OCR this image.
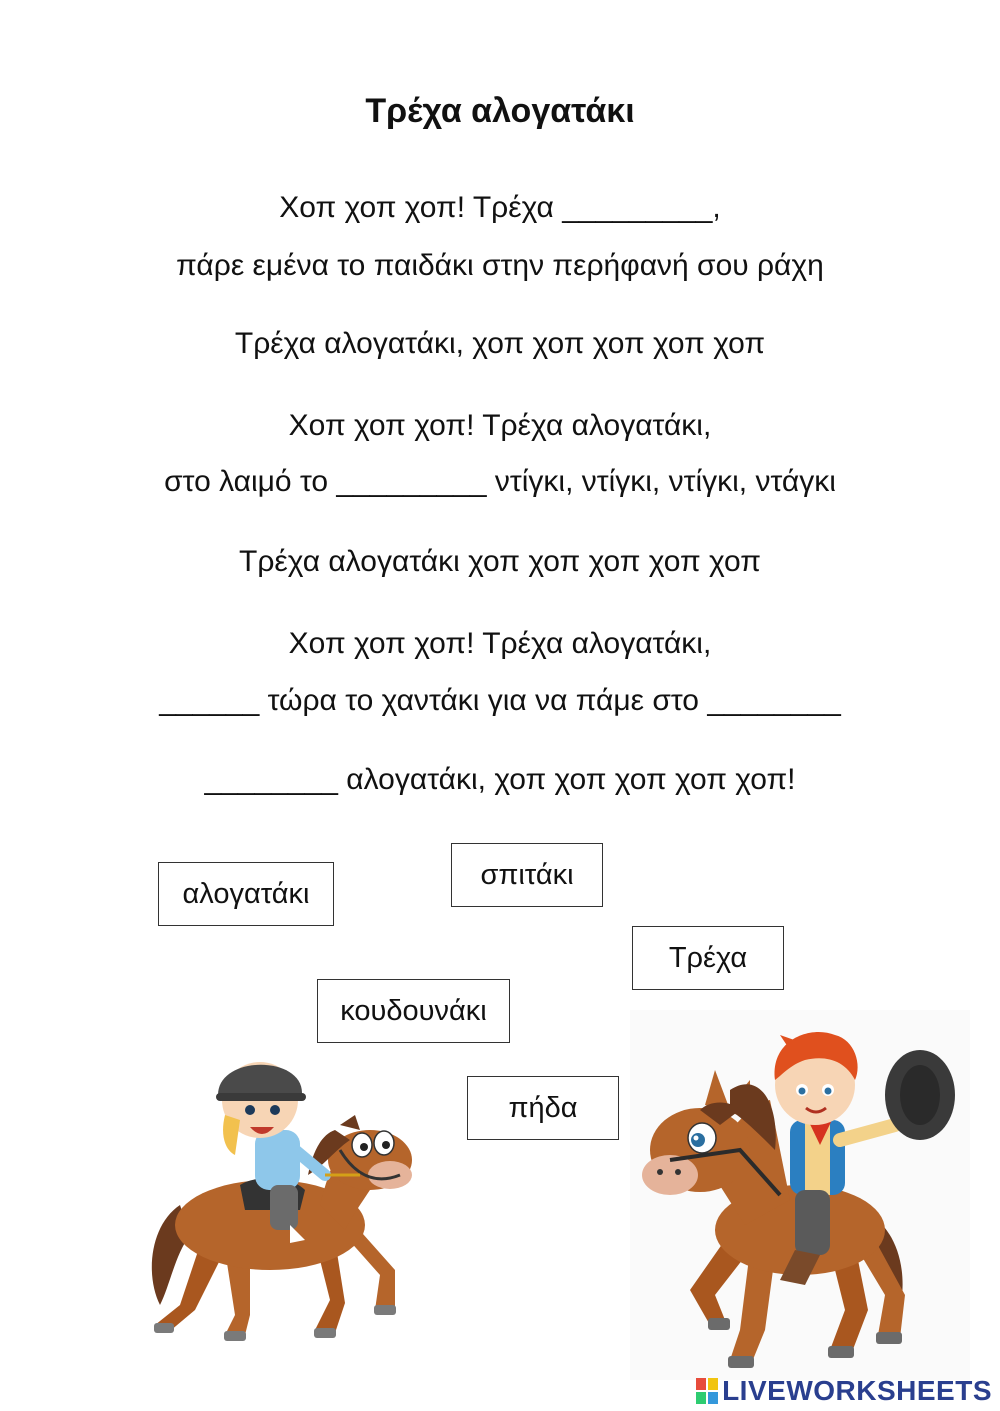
Τρέχα αλογατάκι
Χοπ χοπ χοπ! Τρέχα _________,
πάρε εμένα το παιδάκι στην περήφανή σου ράχη
Τρέχα αλογατάκι, χοπ χοπ χοπ χοπ χοπ
Χοπ χοπ χοπ! Τρέχα αλογατάκι,
στο λαιμό το _________ ντίγκι, ντίγκι, ντίγκι, ντάγκι
Τρέχα αλογατάκι χοπ χοπ χοπ χοπ χοπ
Χοπ χοπ χοπ! Τρέχα αλογατάκι,
______ τώρα το χαντάκι για να πάμε στο ________
________ αλογατάκι, χοπ χοπ χοπ χοπ χοπ!
αλογατάκι
σπιτάκι
Τρέχα
κουδουνάκι
πήδα
LIVEWORKSHEETS
